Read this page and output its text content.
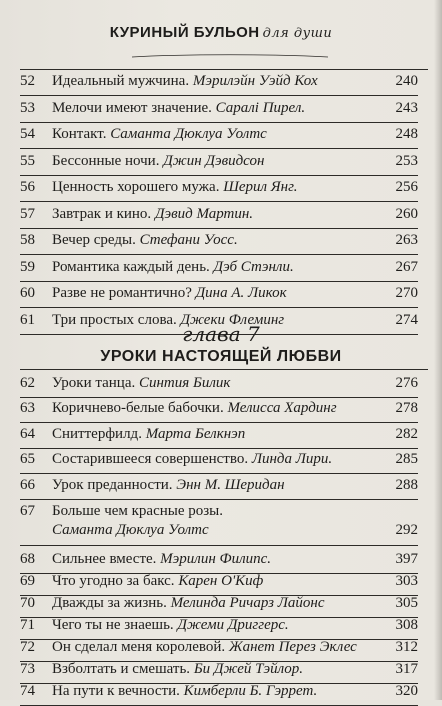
КУРИНЫЙ БУЛЬОН для души
52	Идеальный мужчина. Мэрилэйн Уэйд Кох	240
53	Мелочи имеют значение. Саралі Пирел.	243
54	Контакт. Саманта Дюклуа Уолтс	248
55	Бессонные ночи. Джин Дэвидсон	253
56	Ценность хорошего мужа. Шерил Янг.	256
57	Завтрак и кино. Дэвид Мартин.	260
58	Вечер среды. Стефани Уосс.	263
59	Романтика каждый день. Дэб Стэнли.	267
60	Разве не романтично? Дина А. Ликок	270
61	Три простых слова. Джеки Флеминг	274
62	Уроки танца. Синтия Билик	276
63	Коричнево-белые бабочки. Мелисса Хардинг	278
64	Сниттерфилд. Марта Белкнэп	282
65	Состарившееся совершенство. Линда Лири.	285
66	Урок преданности. Энн М. Шеридан	288
67	Больше чем красные розы.
Саманта Дюклуа Уолтс	292
68	Сильнее вместе. Мэрилин Филипс.	397
69	Что угодно за бакс. Карен О'Киф	303
70	Дважды за жизнь. Мелинда Ричарз Лайонс	305
71	Чего ты не знаешь. Джеми Дриггерс.	308
72	Он сделал меня королевой. Жанет Перез Эклес	312
73	Взболтать и смешать. Би Джей Тэйлор.	317
74	На пути к вечности. Кимберли Б. Гэррет.	320
глава 7
УРОКИ НАСТОЯЩЕЙ ЛЮБВИ
